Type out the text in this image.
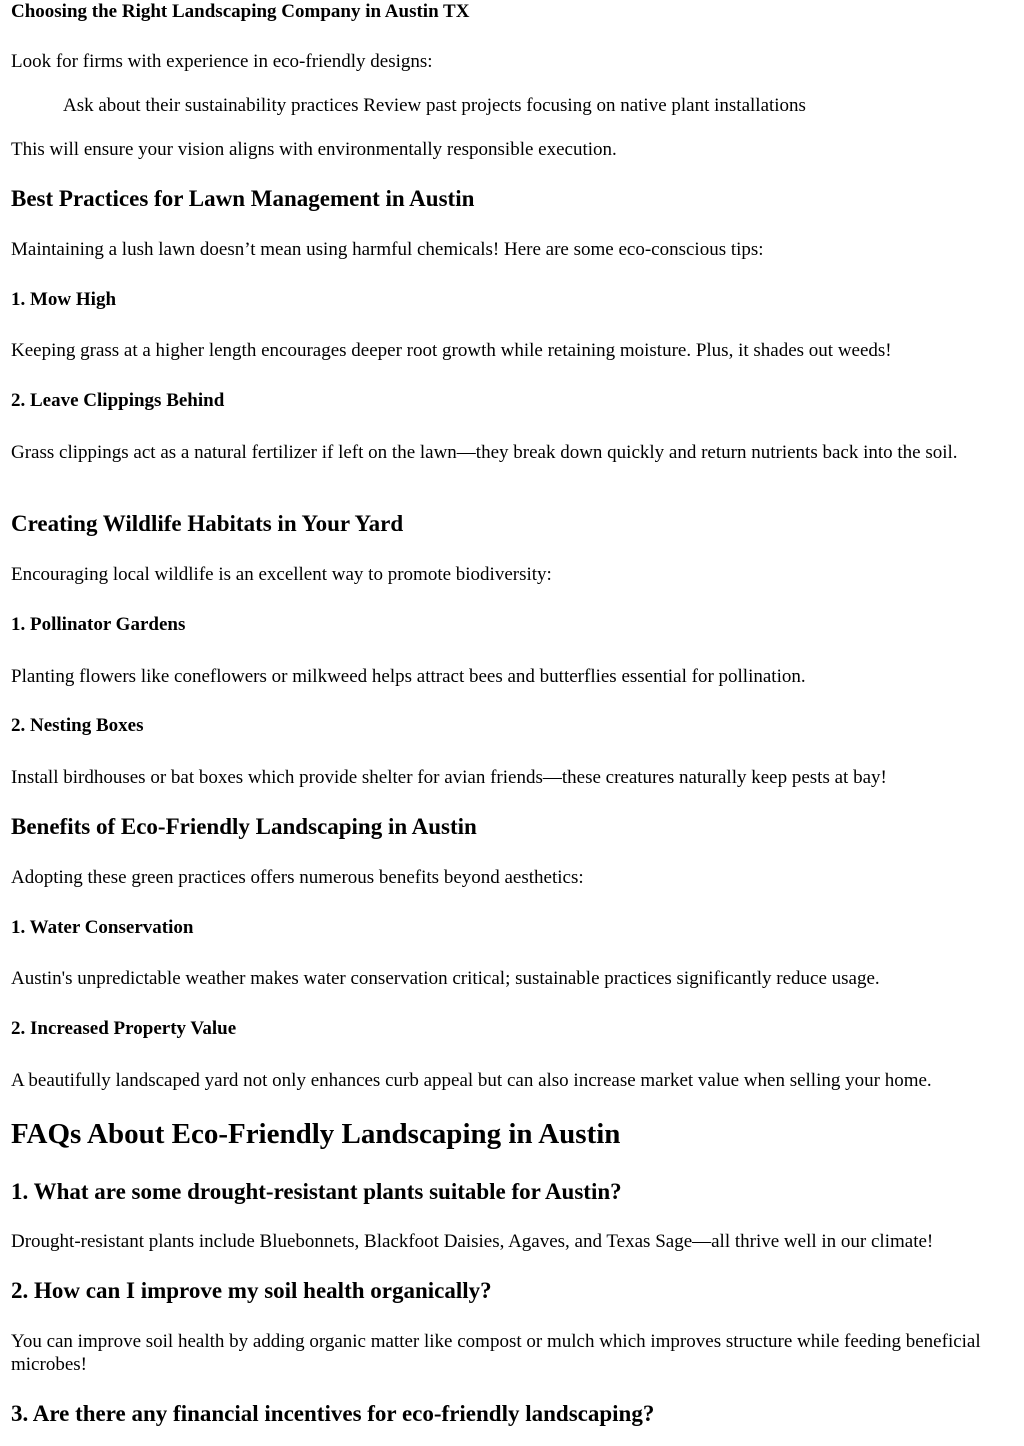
Choosing the Right Landscaping Company in Austin TX
Look for firms with experience in eco-friendly designs:
Ask about their sustainability practices Review past projects focusing on native plant installations
This will ensure your vision aligns with environmentally responsible execution.
Best Practices for Lawn Management in Austin
Maintaining a lush lawn doesn’t mean using harmful chemicals! Here are some eco-conscious tips:
1. Mow High
Keeping grass at a higher length encourages deeper root growth while retaining moisture. Plus, it shades out weeds!
2. Leave Clippings Behind
Grass clippings act as a natural fertilizer if left on the lawn—they break down quickly and return nutrients back into the soil.
Creating Wildlife Habitats in Your Yard
Encouraging local wildlife is an excellent way to promote biodiversity:
1. Pollinator Gardens
Planting flowers like coneflowers or milkweed helps attract bees and butterflies essential for pollination.
2. Nesting Boxes
Install birdhouses or bat boxes which provide shelter for avian friends—these creatures naturally keep pests at bay!
Benefits of Eco-Friendly Landscaping in Austin
Adopting these green practices offers numerous benefits beyond aesthetics:
1. Water Conservation
Austin's unpredictable weather makes water conservation critical; sustainable practices significantly reduce usage.
2. Increased Property Value
A beautifully landscaped yard not only enhances curb appeal but can also increase market value when selling your home.
FAQs About Eco-Friendly Landscaping in Austin
1. What are some drought-resistant plants suitable for Austin?
Drought-resistant plants include Bluebonnets, Blackfoot Daisies, Agaves, and Texas Sage—all thrive well in our climate!
2. How can I improve my soil health organically?
You can improve soil health by adding organic matter like compost or mulch which improves structure while feeding beneficial microbes!
3. Are there any financial incentives for eco-friendly landscaping?
